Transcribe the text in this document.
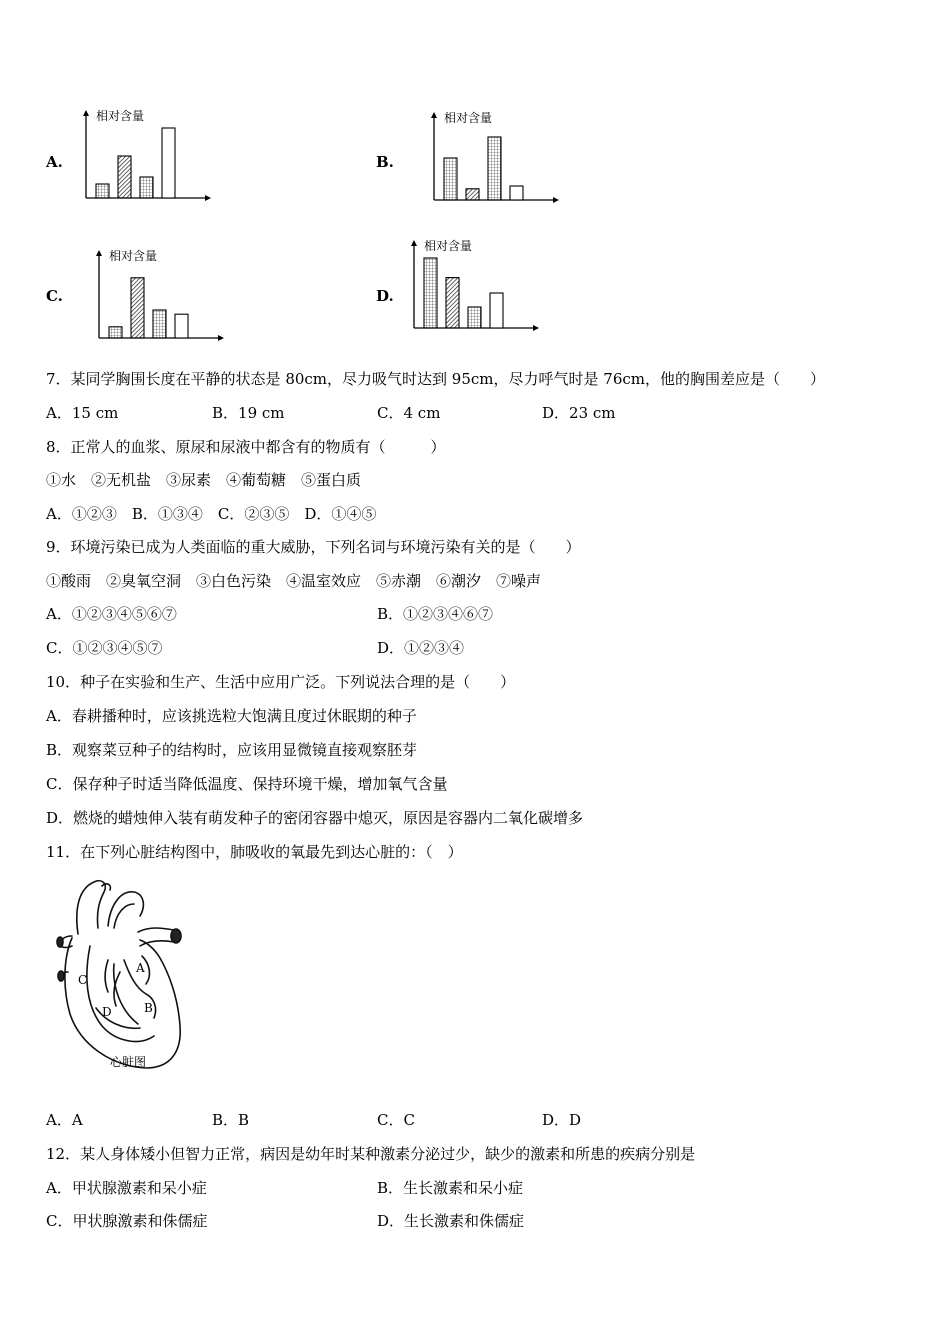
A.
相对含量
B.
相对含量
C.
相对含量
D.
相对含量
7．某同学胸围长度在平静的状态是 80cm，尽力吸气时达到 95cm，尽力呼气时是 76cm，他的胸围差应是（　　）
A．15 cm	B．19 cm	C．4 cm	D．23 cm
8．正常人的血浆、原尿和尿液中都含有的物质有（　　　）
①水　②无机盐　③尿素　④葡萄糖　⑤蛋白质
A．①②③　B．①③④　C．②③⑤　D．①④⑤
9．环境污染已成为人类面临的重大威胁，下列名词与环境污染有关的是（　　）
①酸雨　②臭氧空洞　③白色污染　④温室效应　⑤赤潮　⑥潮汐　⑦噪声
A．①②③④⑤⑥⑦	B．①②③④⑥⑦
C．①②③④⑤⑦	D．①②③④
10．种子在实验和生产、生活中应用广泛。下列说法合理的是（　　）
A．春耕播种时，应该挑选粒大饱满且度过休眠期的种子
B．观察菜豆种子的结构时，应该用显微镜直接观察胚芽
C．保存种子时适当降低温度、保持环境干燥，增加氧气含量
D．燃烧的蜡烛伸入装有萌发种子的密闭容器中熄灭，原因是容器内二氧化碳增多
11．在下列心脏结构图中，肺吸收的氧最先到达心脏的：（　）
A
B
C
D
心脏图
A．A	B．B	C．C	D．D
12．某人身体矮小但智力正常，病因是幼年时某种激素分泌过少，缺少的激素和所患的疾病分别是
A．甲状腺激素和呆小症	B．生长激素和呆小症
C．甲状腺激素和侏儒症	D．生长激素和侏儒症
